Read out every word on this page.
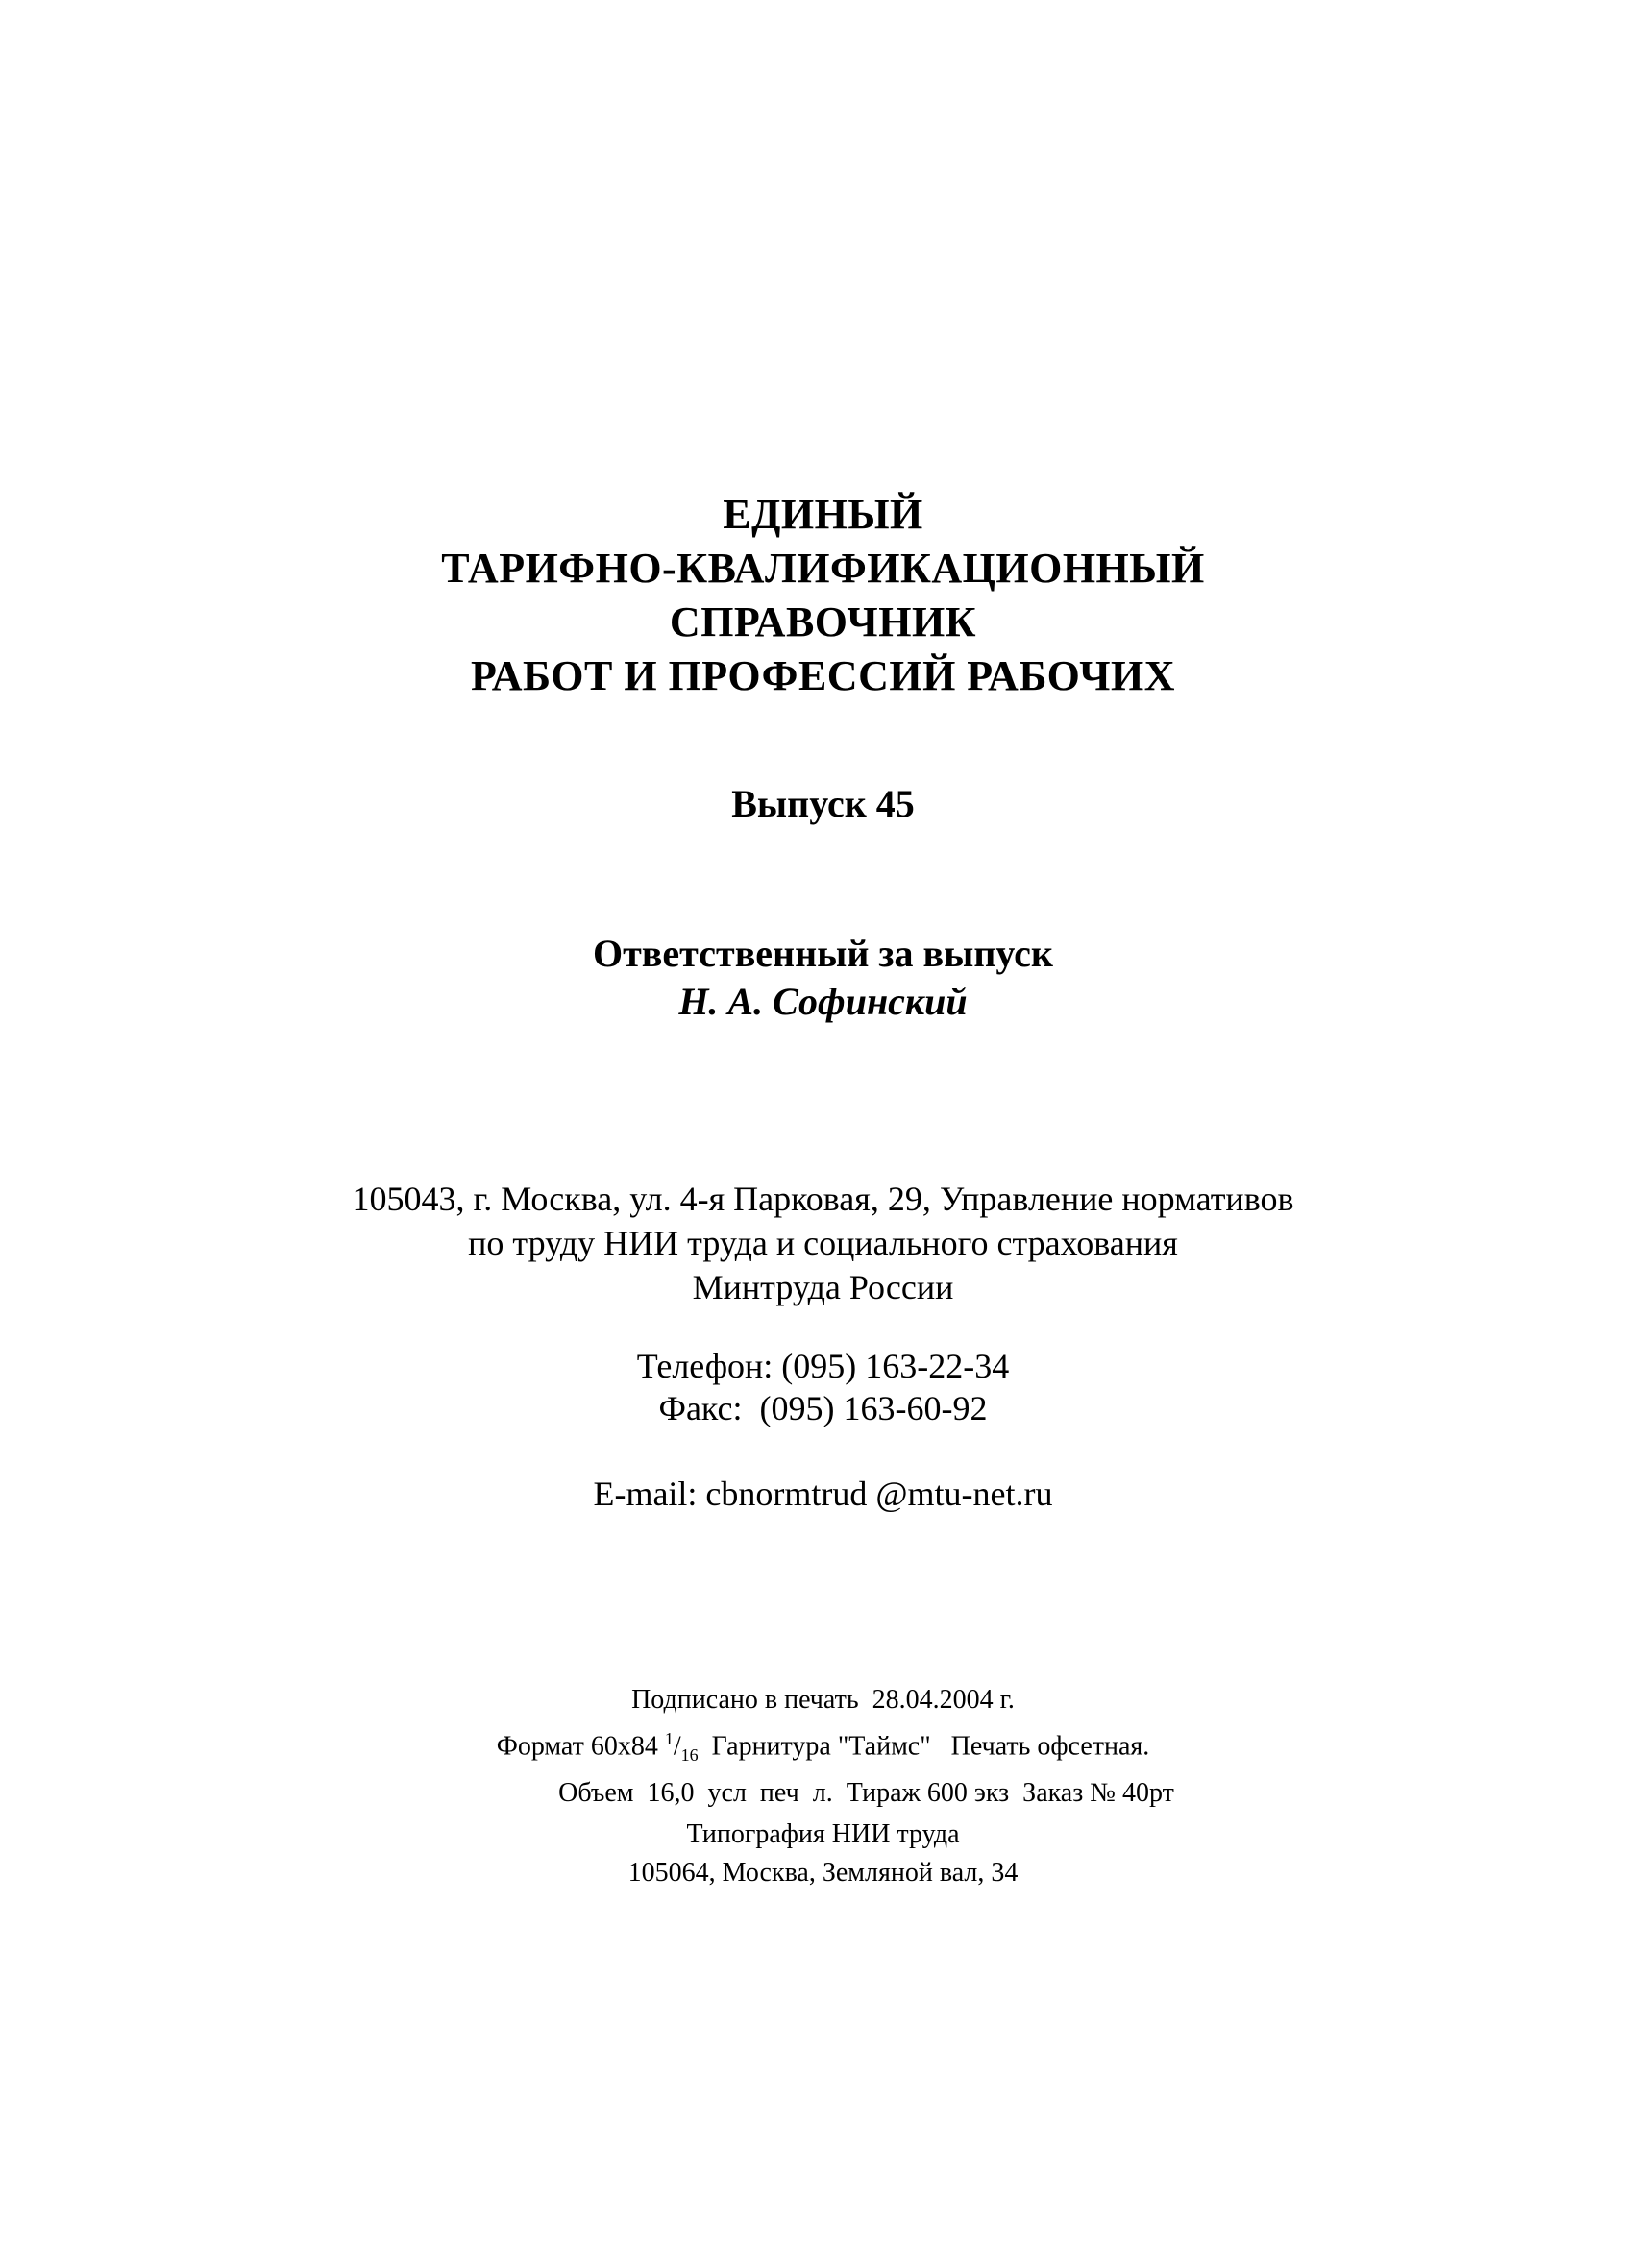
ЕДИНЫЙ
ТАРИФНО-КВАЛИФИКАЦИОННЫЙ
СПРАВОЧНИК
РАБОТ И ПРОФЕССИЙ РАБОЧИХ
Выпуск 45
Ответственный за выпуск
Н. А. Софинский
105043, г. Москва, ул. 4-я Парковая, 29, Управление нормативов
по труду НИИ труда и социального страхования
Минтруда России
Телефон: (095) 163-22-34
Факс:  (095) 163-60-92
E-mail: cbnormtrud @mtu-net.ru
Подписано в печать  28.04.2004 г.
Формат 60х84 $^1/_{16}$  Гарнитура "Таймс"   Печать офсетная.
Объем  16,0  усл  печ  л.  Тираж 600 экз  Заказ № 40рт
Типография НИИ труда
105064, Москва, Земляной вал, 34
